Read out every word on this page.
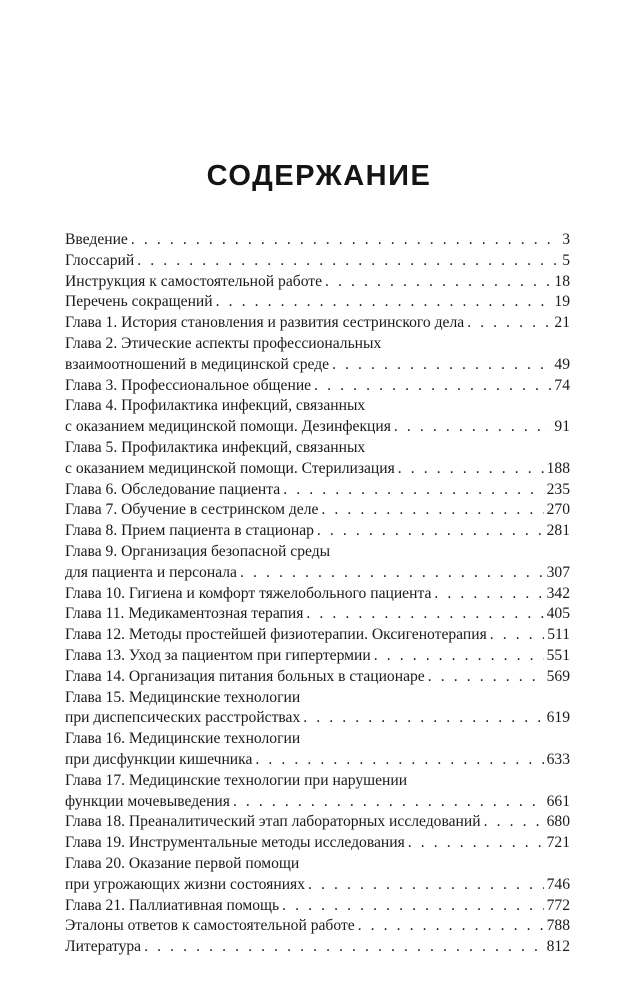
СОДЕРЖАНИЕ
Введение . . .	3
Глоссарий . . .	5
Инструкция к самостоятельной работе . . .	18
Перечень сокращений . . .	19
Глава 1. История становления и развития сестринского дела . . .	21
Глава 2. Этические аспекты профессиональных
взаимоотношений в медицинской среде . . .	49
Глава 3. Профессиональное общение . . .	74
Глава 4. Профилактика инфекций, связанных
с оказанием медицинской помощи. Дезинфекция . . .	91
Глава 5. Профилактика инфекций, связанных
с оказанием медицинской помощи. Стерилизация . . .	188
Глава 6. Обследование пациента . . .	235
Глава 7. Обучение в сестринском деле . . .	270
Глава 8. Прием пациента в стационар . . .	281
Глава 9. Организация безопасной среды
для пациента и персонала . . .	307
Глава 10. Гигиена и комфорт тяжелобольного пациента . . .	342
Глава 11. Медикаментозная терапия . . .	405
Глава 12. Методы простейшей физиотерапии. Оксигенотерапия . . .	511
Глава 13. Уход за пациентом при гипертермии . . .	551
Глава 14. Организация питания больных в стационаре . . .	569
Глава 15. Медицинские технологии
при диспепсических расстройствах . . .	619
Глава 16. Медицинские технологии
при дисфункции кишечника . . .	633
Глава 17. Медицинские технологии при нарушении
функции мочевыведения . . .	661
Глава 18. Преаналитический этап лабораторных исследований . . .	680
Глава 19. Инструментальные методы исследования . . .	721
Глава 20. Оказание первой помощи
при угрожающих жизни состояниях . . .	746
Глава 21. Паллиативная помощь . . .	772
Эталоны ответов к самостоятельной работе . . .	788
Литература . . .	812
